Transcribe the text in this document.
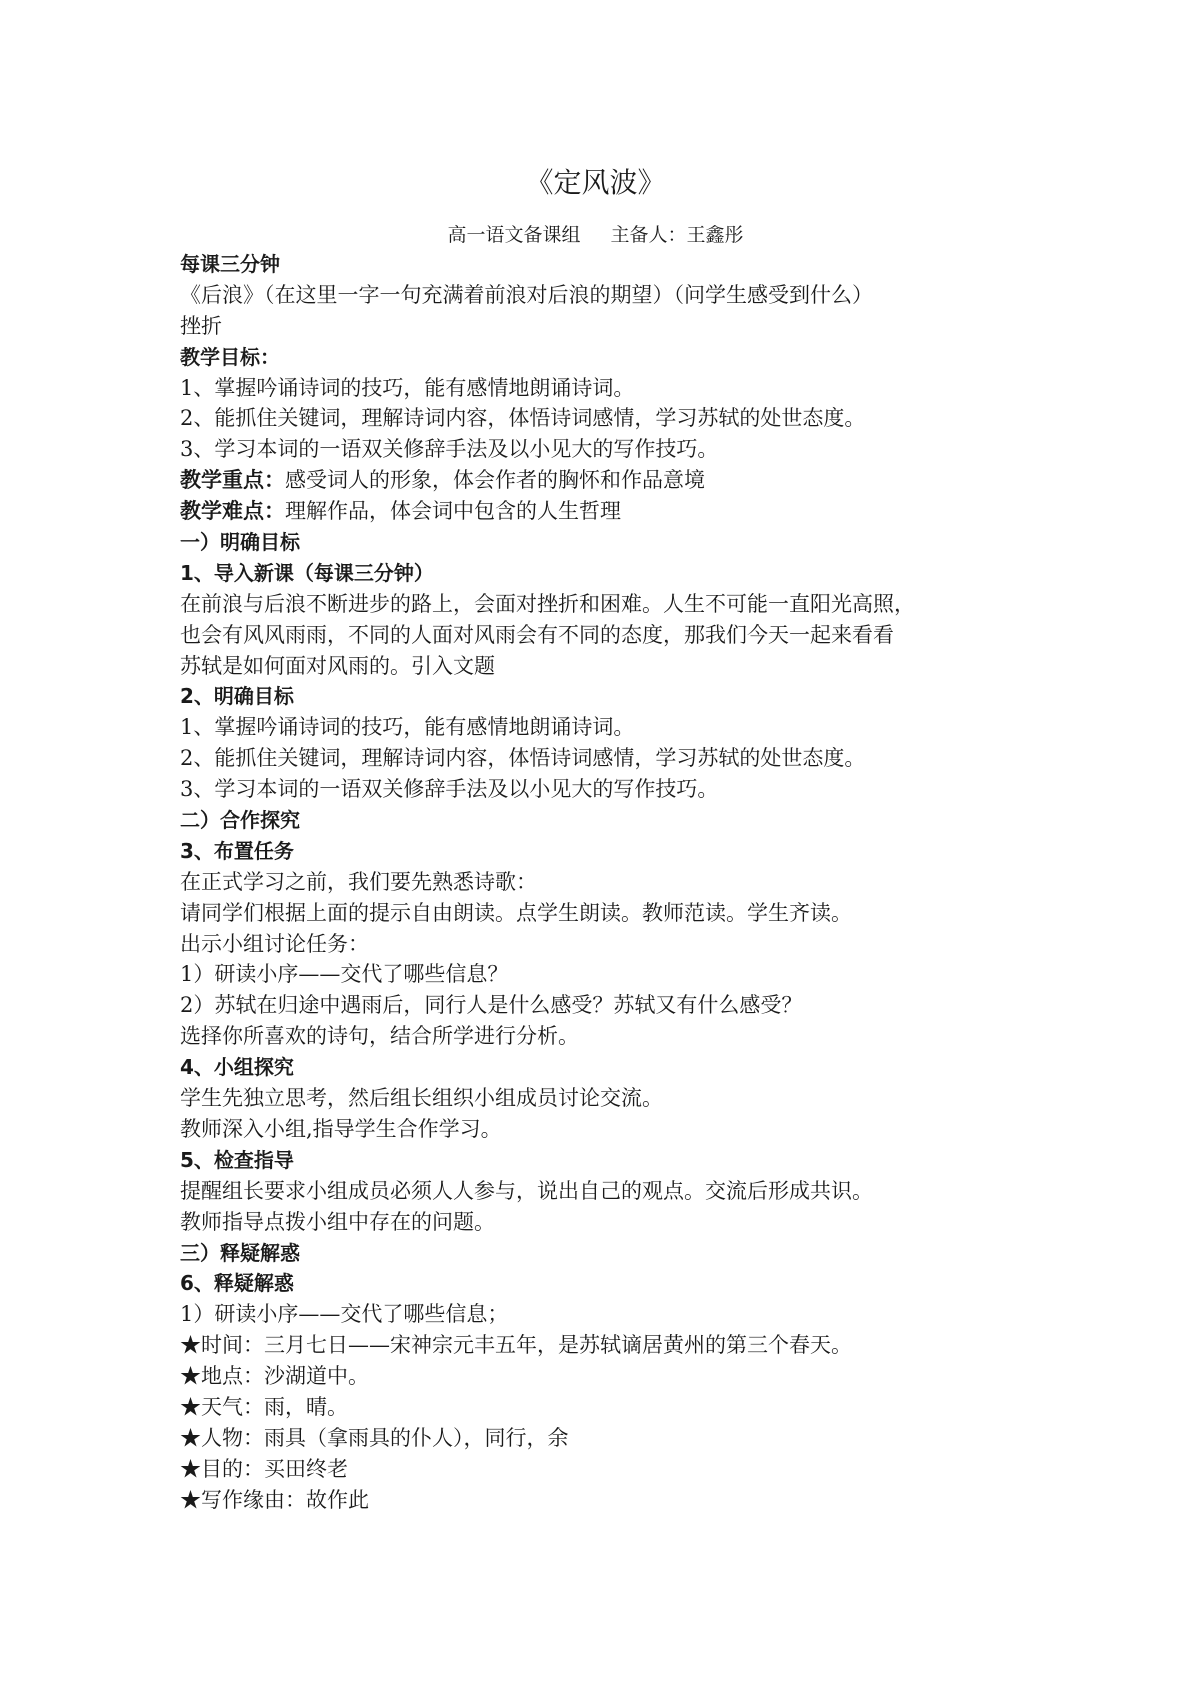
《定风波》
高一语文备课组 主备人：王鑫彤
每课三分钟
《后浪》（在这里一字一句充满着前浪对后浪的期望）（问学生感受到什么）
挫折
教学目标：
1、掌握吟诵诗词的技巧，能有感情地朗诵诗词。
2、能抓住关键词，理解诗词内容，体悟诗词感情，学习苏轼的处世态度。
3、学习本词的一语双关修辞手法及以小见大的写作技巧。
教学重点：感受词人的形象，体会作者的胸怀和作品意境
教学难点：理解作品，体会词中包含的人生哲理
一）明确目标
1、导入新课（每课三分钟）
在前浪与后浪不断进步的路上，会面对挫折和困难。人生不可能一直阳光高照，
也会有风风雨雨，不同的人面对风雨会有不同的态度，那我们今天一起来看看
苏轼是如何面对风雨的。引入文题
2、明确目标
1、掌握吟诵诗词的技巧，能有感情地朗诵诗词。
2、能抓住关键词，理解诗词内容，体悟诗词感情，学习苏轼的处世态度。
3、学习本词的一语双关修辞手法及以小见大的写作技巧。
二）合作探究
3、布置任务
在正式学习之前，我们要先熟悉诗歌：
请同学们根据上面的提示自由朗读。点学生朗读。教师范读。学生齐读。
出示小组讨论任务：
1）研读小序——交代了哪些信息？
2）苏轼在归途中遇雨后，同行人是什么感受？苏轼又有什么感受？
选择你所喜欢的诗句，结合所学进行分析。
4、小组探究
学生先独立思考，然后组长组织小组成员讨论交流。
教师深入小组,指导学生合作学习。
5、检查指导
提醒组长要求小组成员必须人人参与，说出自己的观点。交流后形成共识。
教师指导点拨小组中存在的问题。
三）释疑解惑
6、释疑解惑
1）研读小序——交代了哪些信息；
★时间：三月七日——宋神宗元丰五年，是苏轼谪居黄州的第三个春天。
★地点：沙湖道中。
★天气：雨，晴。
★人物：雨具（拿雨具的仆人），同行，余
★目的：买田终老
★写作缘由：故作此
